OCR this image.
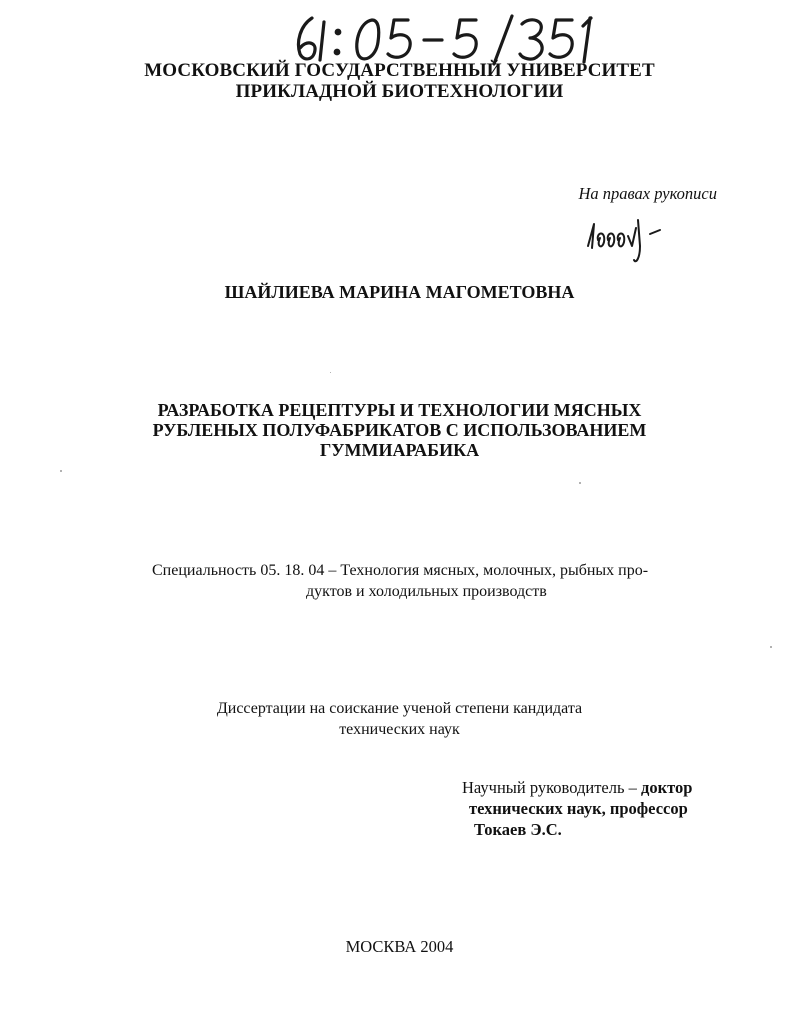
МОСКОВСКИЙ ГОСУДАРСТВЕННЫЙ УНИВЕРСИТЕТ
ПРИКЛАДНОЙ БИОТЕХНОЛОГИИ
На правах рукописи
ШАЙЛИЕВА МАРИНА МАГОМЕТОВНА
РАЗРАБОТКА РЕЦЕПТУРЫ И ТЕХНОЛОГИИ МЯСНЫХ
РУБЛЕНЫХ ПОЛУФАБРИКАТОВ С ИСПОЛЬЗОВАНИЕМ
ГУММИАРАБИКА
Специальность 05. 18. 04 – Технология мясных, молочных, рыбных про-
дуктов и холодильных производств
Диссертации на соискание ученой степени кандидата
технических наук
Научный руководитель – доктор
технических наук, профессор
Токаев Э.С.
МОСКВА 2004
